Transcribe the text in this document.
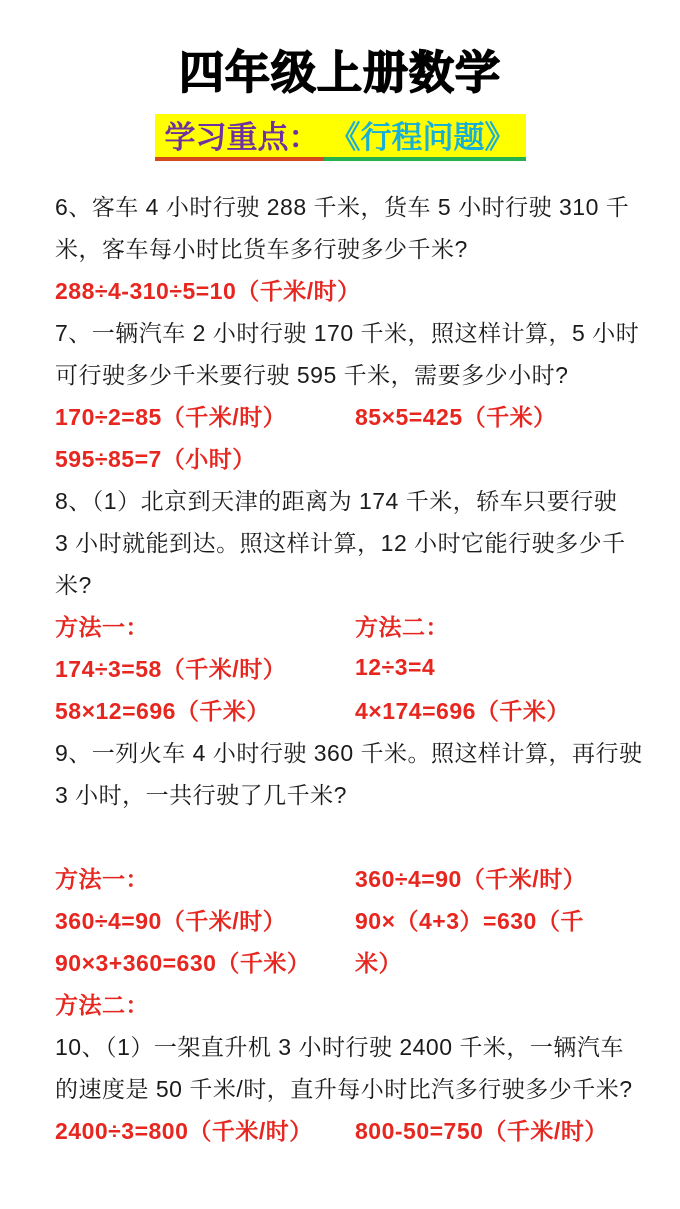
四年级上册数学
学习重点： 《行程问题》
6、客车 4 小时行驶 288 千米，货车 5 小时行驶 310 千
米，客车每小时比货车多行驶多少千米?
288÷4-310÷5=10（千米/时）
7、一辆汽车 2 小时行驶 170 千米，照这样计算，5 小时
可行驶多少千米要行驶 595 千米，需要多少小时?
170÷2=85（千米/时）	85×5=425（千米）
595÷85=7（小时）
8、（1）北京到天津的距离为 174 千米，轿车只要行驶
3 小时就能到达。照这样计算，12 小时它能行驶多少千
米?
方法一：	方法二：
174÷3=58（千米/时）	12÷3=4
58×12=696（千米）	4×174=696（千米）
9、一列火车 4 小时行驶 360 千米。照这样计算，再行驶
3 小时，一共行驶了几千米?
方法一：	360÷4=90（千米/时）
360÷4=90（千米/时）	90×（4+3）=630（千
90×3+360=630（千米）	米）
方法二：
10、（1）一架直升机 3 小时行驶 2400 千米，一辆汽车
的速度是 50 千米/时，直升每小时比汽多行驶多少千米?
2400÷3=800（千米/时）	800-50=750（千米/时）
